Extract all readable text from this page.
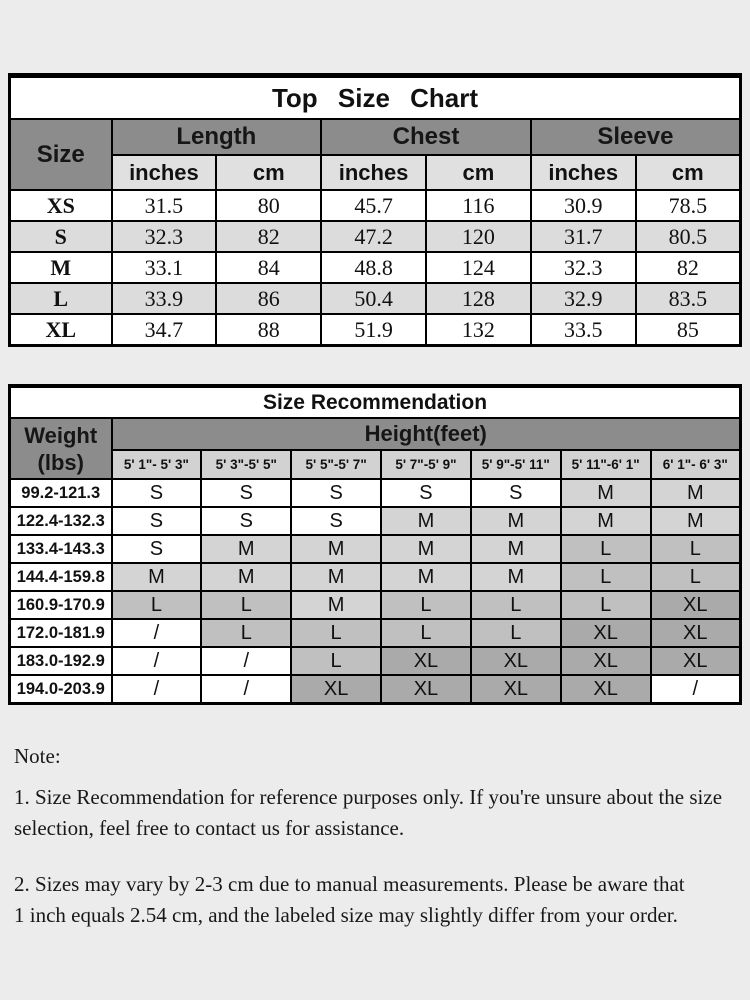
Top Size Chart						
Size	Length		Chest		Sleeve	
	inches	cm	inches	cm	inches	cm
XS	31.5	80	45.7	116	30.9	78.5
S	32.3	82	47.2	120	31.7	80.5
M	33.1	84	48.8	124	32.3	82
L	33.9	86	50.4	128	32.9	83.5
XL	34.7	88	51.9	132	33.5	85
Size Recommendation							

Weight
(lbs)	Height(feet)						
	5' 1"- 5' 3"	5' 3"-5' 5"	5' 5"-5' 7"	5' 7"-5' 9"	5' 9"-5' 11"	5' 11"-6' 1"	6' 1"- 6' 3"
99.2-121.3	S	S	S	S	S	M	M
122.4-132.3	S	S	S	M	M	M	M
133.4-143.3	S	M	M	M	M	L	L
144.4-159.8	M	M	M	M	M	L	L
160.9-170.9	L	L	M	L	L	L	XL
172.0-181.9	/	L	L	L	L	XL	XL
183.0-192.9	/	/	L	XL	XL	XL	XL
194.0-203.9	/	/	XL	XL	XL	XL	/
Note:
1. Size Recommendation for reference purposes only. If you're unsure about the size
selection, feel free to contact us for assistance.
2. Sizes may vary by 2-3 cm due to manual measurements. Please be aware that
1 inch equals 2.54 cm, and the labeled size may slightly differ from your order.
